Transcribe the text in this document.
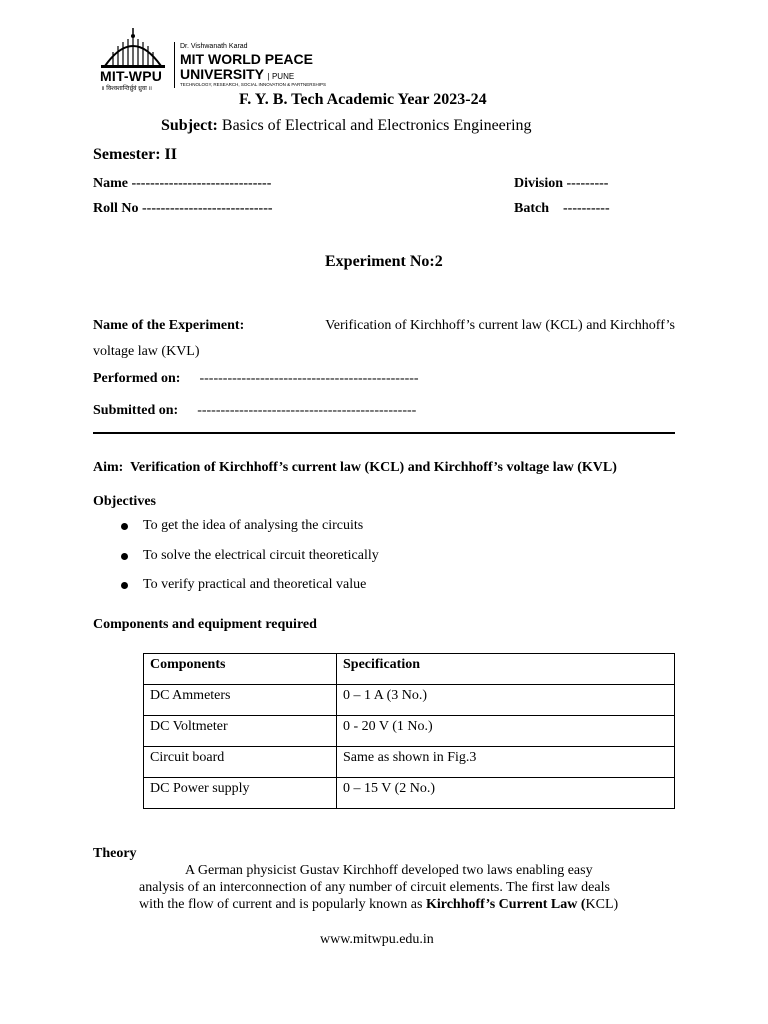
MIT-WPU
॥ विश्वशान्तिर्ध्रुवं ध्रुवा ॥
Dr. Vishwanath Karad
MIT WORLD PEACE
UNIVERSITY | PUNE
TECHNOLOGY, RESEARCH, SOCIAL INNOVATION & PARTNERSHIPS
F. Y. B. Tech Academic Year 2023-24
Subject: Basics of Electrical and Electronics Engineering
Semester: II
Name ------------------------------	Division ---------
Roll No ----------------------------	Batch    ----------
Experiment No:2
Name of the Experiment:	Verification of Kirchhoff’s current law (KCL) and Kirchhoff’s
voltage law (KVL)
Performed on: -----------------------------------------------
Submitted on: -----------------------------------------------
Aim: Verification of Kirchhoff’s current law (KCL) and Kirchhoff’s voltage law (KVL)
Objectives
To get the idea of analysing the circuits
To solve the electrical circuit theoretically
To verify practical and theoretical value
Components and equipment required
Components	Specification
DC Ammeters	0 – 1 A (3 No.)
DC Voltmeter	0 - 20 V (1 No.)
Circuit board	Same as shown in Fig.3
DC Power supply	0 – 15 V (2 No.)
Theory
A German physicist Gustav Kirchhoff developed two laws enabling easy
analysis of an interconnection of any number of circuit elements. The first law deals
with the flow of current and is popularly known as Kirchhoff’s Current Law (KCL)
www.mitwpu.edu.in
